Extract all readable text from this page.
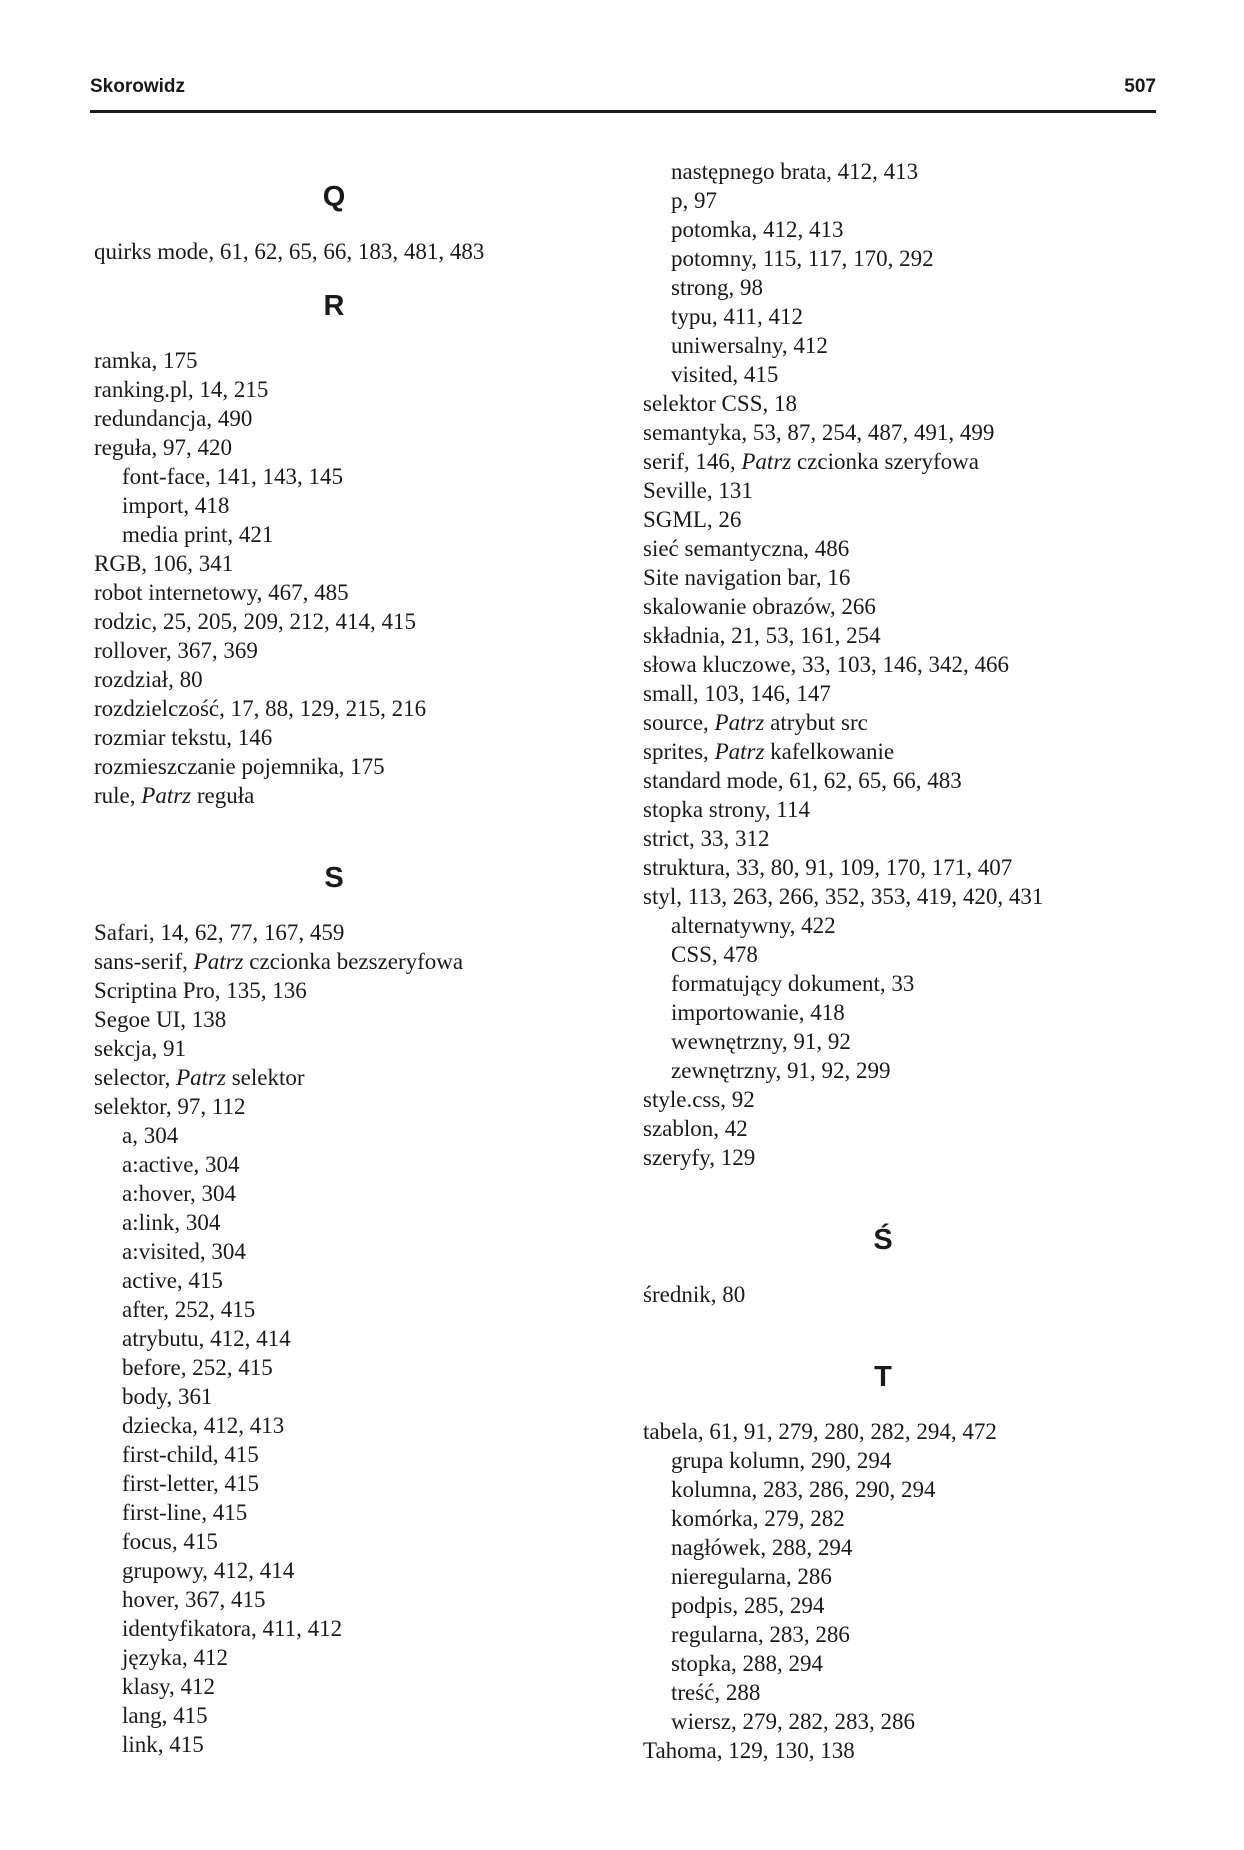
Skorowidz	507
Q
quirks mode, 61, 62, 65, 66, 183, 481, 483
R
ramka, 175
ranking.pl, 14, 215
redundancja, 490
reguła, 97, 420
font-face, 141, 143, 145
import, 418
media print, 421
RGB, 106, 341
robot internetowy, 467, 485
rodzic, 25, 205, 209, 212, 414, 415
rollover, 367, 369
rozdział, 80
rozdzielczość, 17, 88, 129, 215, 216
rozmiar tekstu, 146
rozmieszczanie pojemnika, 175
rule, Patrz reguła
S
Safari, 14, 62, 77, 167, 459
sans-serif, Patrz czcionka bezszeryfowa
Scriptina Pro, 135, 136
Segoe UI, 138
sekcja, 91
selector, Patrz selektor
selektor, 97, 112
a, 304
a:active, 304
a:hover, 304
a:link, 304
a:visited, 304
active, 415
after, 252, 415
atrybutu, 412, 414
before, 252, 415
body, 361
dziecka, 412, 413
first-child, 415
first-letter, 415
first-line, 415
focus, 415
grupowy, 412, 414
hover, 367, 415
identyfikatora, 411, 412
języka, 412
klasy, 412
lang, 415
link, 415
następnego brata, 412, 413
p, 97
potomka, 412, 413
potomny, 115, 117, 170, 292
strong, 98
typu, 411, 412
uniwersalny, 412
visited, 415
selektor CSS, 18
semantyka, 53, 87, 254, 487, 491, 499
serif, 146, Patrz czcionka szeryfowa
Seville, 131
SGML, 26
sieć semantyczna, 486
Site navigation bar, 16
skalowanie obrazów, 266
składnia, 21, 53, 161, 254
słowa kluczowe, 33, 103, 146, 342, 466
small, 103, 146, 147
source, Patrz atrybut src
sprites, Patrz kafelkowanie
standard mode, 61, 62, 65, 66, 483
stopka strony, 114
strict, 33, 312
struktura, 33, 80, 91, 109, 170, 171, 407
styl, 113, 263, 266, 352, 353, 419, 420, 431
alternatywny, 422
CSS, 478
formatujący dokument, 33
importowanie, 418
wewnętrzny, 91, 92
zewnętrzny, 91, 92, 299
style.css, 92
szablon, 42
szeryfy, 129
Ś
średnik, 80
T
tabela, 61, 91, 279, 280, 282, 294, 472
grupa kolumn, 290, 294
kolumna, 283, 286, 290, 294
komórka, 279, 282
nagłówek, 288, 294
nieregularna, 286
podpis, 285, 294
regularna, 283, 286
stopka, 288, 294
treść, 288
wiersz, 279, 282, 283, 286
Tahoma, 129, 130, 138
